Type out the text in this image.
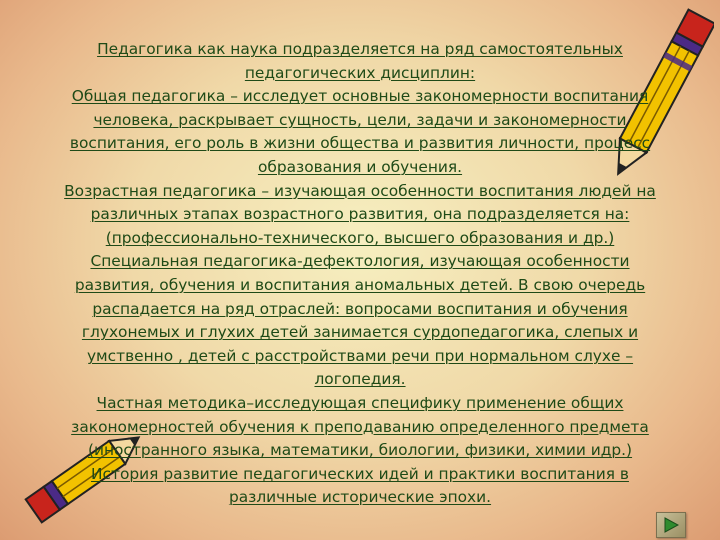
Педагогика как наука подразделяется на ряд самостоятельных
педагогических дисциплин:
Общая педагогика – исследует основные закономерности воспитания
человека, раскрывает сущность, цели, задачи и закономерности
воспитания, его роль в жизни общества и развития личности, процесс
образования и обучения.
Возрастная педагогика – изучающая особенности воспитания людей на
различных этапах возрастного развития, она подразделяется на:
(профессионально-технического, высшего образования и др.)
Специальная педагогика-дефектология, изучающая особенности
развития, обучения и воспитания аномальных детей. В свою очередь
распадается на ряд отраслей: вопросами воспитания и обучения
глухонемых и глухих детей занимается сурдопедагогика, слепых и
умственно , детей с расстройствами речи при нормальном слухе –
логопедия.
Частная методика–исследующая специфику применение общих
закономерностей обучения к преподаванию определенного предмета
(иностранного языка, математики, биологии, физики, химии идр.)
История развитие педагогических идей и практики воспитания в
различные исторические эпохи.
